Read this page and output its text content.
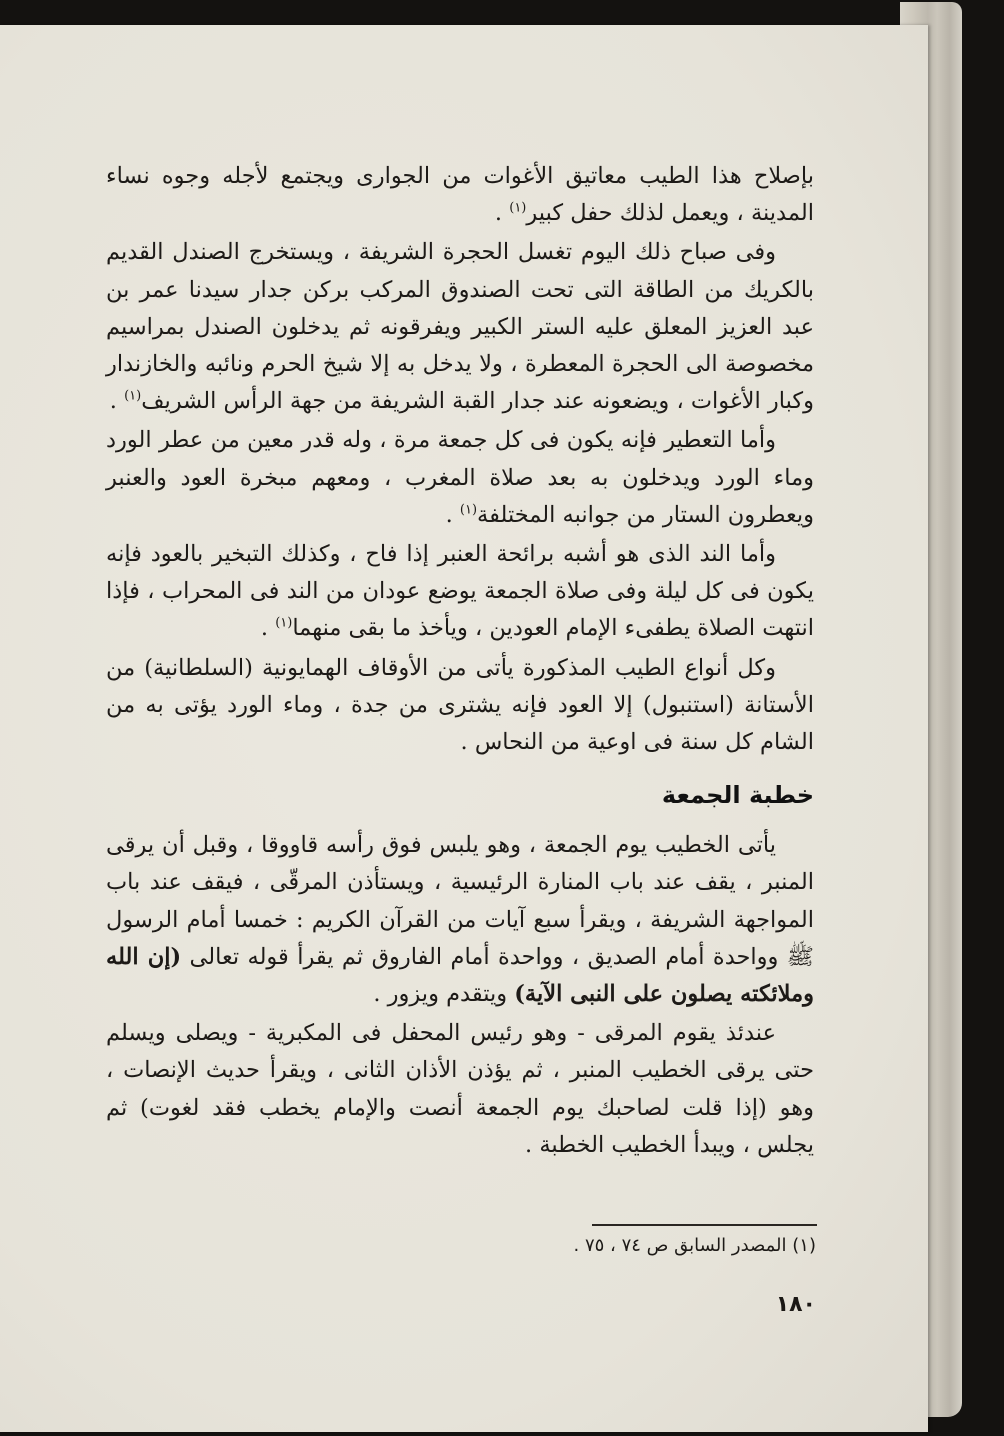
بإصلاح هذا الطيب معاتيق الأغوات من الجوارى ويجتمع لأجله وجوه نساء المدينة ، ويعمل لذلك حفل كبير$^{(١)}$ .

وفى صباح ذلك اليوم تغسل الحجرة الشريفة ، ويستخرج الصندل القديم بالكريك من الطاقة التى تحت الصندوق المركب بركن جدار سيدنا عمر بن عبد العزيز المعلق عليه الستر الكبير ويفرقونه ثم يدخلون الصندل بمراسيم مخصوصة الى الحجرة المعطرة ، ولا يدخل به إلا شيخ الحرم ونائبه والخازندار وكبار الأغوات ، ويضعونه عند جدار القبة الشريفة من جهة الرأس الشريف$^{(١)}$ .

وأما التعطير فإنه يكون فى كل جمعة مرة ، وله قدر معين من عطر الورد وماء الورد ويدخلون به بعد صلاة المغرب ، ومعهم مبخرة العود والعنبر ويعطرون الستار من جوانبه المختلفة$^{(١)}$ .

وأما الند الذى هو أشبه برائحة العنبر إذا فاح ، وكذلك التبخير بالعود فإنه يكون فى كل ليلة وفى صلاة الجمعة يوضع عودان من الند فى المحراب ، فإذا انتهت الصلاة يطفىء الإمام العودين ، ويأخذ ما بقى منهما$^{(١)}$ .

وكل أنواع الطيب المذكورة يأتى من الأوقاف الهمايونية (السلطانية) من الأستانة (استنبول) إلا العود فإنه يشترى من جدة ، وماء الورد يؤتى به من الشام كل سنة فى اوعية من النحاس .

خطبة الجمعة

يأتى الخطيب يوم الجمعة ، وهو يلبس فوق رأسه قاووقا ، وقبل أن يرقى المنبر ، يقف عند باب المنارة الرئيسية ، ويستأذن المرقّى ، فيقف عند باب المواجهة الشريفة ، ويقرأ سبع آيات من القرآن الكريم : خمسا أمام الرسول ﷺ وواحدة أمام الصديق ، وواحدة أمام الفاروق ثم يقرأ قوله تعالى (إن الله وملائكته يصلون على النبى الآية) ويتقدم ويزور .

عندئذ يقوم المرقى - وهو رئيس المحفل فى المكبرية - ويصلى ويسلم حتى يرقى الخطيب المنبر ، ثم يؤذن الأذان الثانى ، ويقرأ حديث الإنصات ، وهو (إذا قلت لصاحبك يوم الجمعة أنصت والإمام يخطب فقد لغوت) ثم يجلس ، ويبدأ الخطيب الخطبة .

(١) المصدر السابق ص ٧٤ ، ٧٥ .
١٨٠
